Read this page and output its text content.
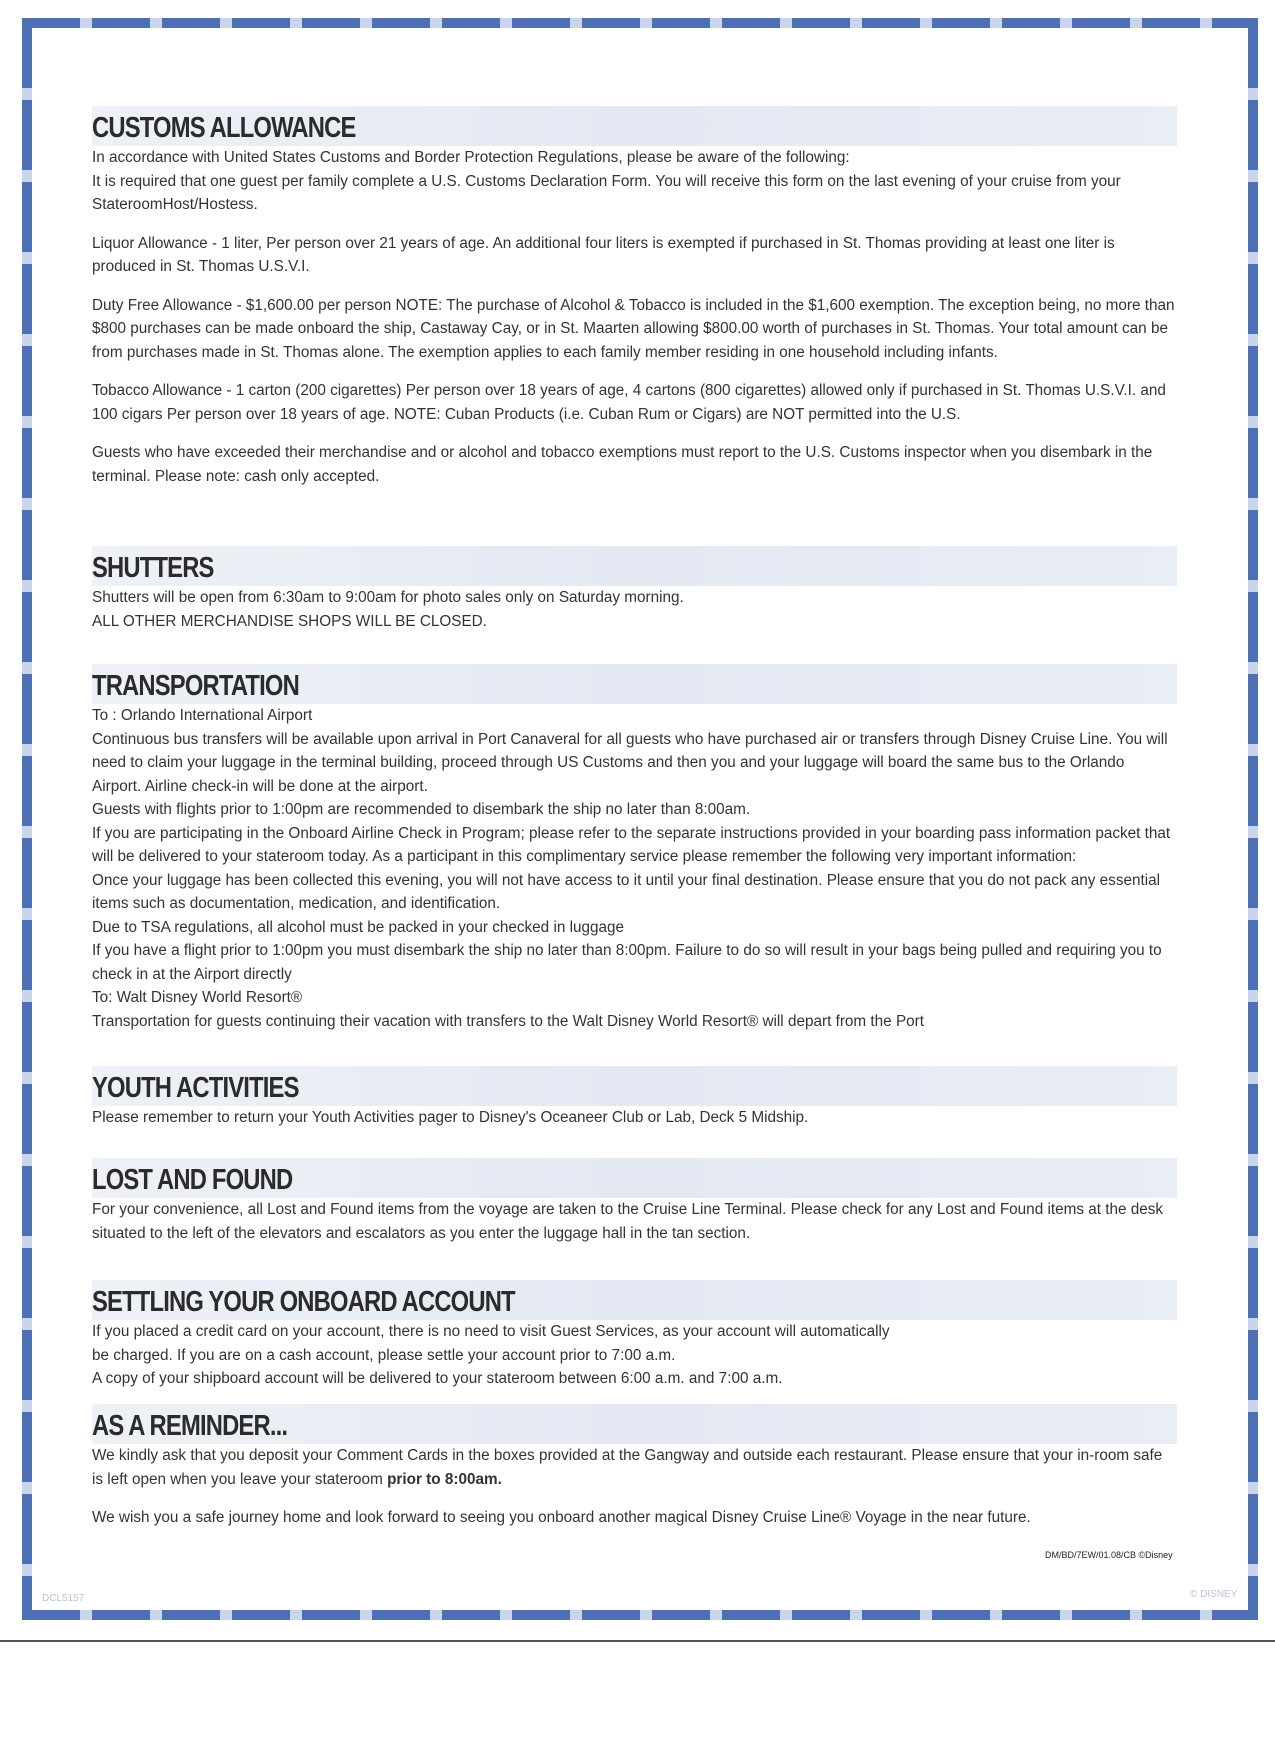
CUSTOMS ALLOWANCE

In accordance with United States Customs and Border Protection Regulations, please be aware of the following:

It is required that one guest per family complete a U.S. Customs Declaration Form. You will receive this form on the last evening of your cruise from your StateroomHost/Hostess.

Liquor Allowance - 1 liter, Per person over 21 years of age. An additional four liters is exempted if purchased in St. Thomas providing at least one liter is produced in St. Thomas U.S.V.I.

Duty Free Allowance - $1,600.00 per person NOTE: The purchase of Alcohol & Tobacco is included in the $1,600 exemption. The exception being, no more than $800 purchases can be made onboard the ship, Castaway Cay, or in St. Maarten allowing $800.00 worth of purchases in St. Thomas. Your total amount can be from purchases made in St. Thomas alone. The exemption applies to each family member residing in one household including infants.

Tobacco Allowance - 1 carton (200 cigarettes) Per person over 18 years of age, 4 cartons (800 cigarettes) allowed only if purchased in St. Thomas U.S.V.I. and 100 cigars Per person over 18 years of age. NOTE: Cuban Products (i.e. Cuban Rum or Cigars) are NOT permitted into the U.S.

Guests who have exceeded their merchandise and or alcohol and tobacco exemptions must report to the U.S. Customs inspector when you disembark in the terminal. Please note: cash only accepted.

SHUTTERS

Shutters will be open from 6:30am to 9:00am for photo sales only on Saturday morning.

ALL OTHER MERCHANDISE SHOPS WILL BE CLOSED.

TRANSPORTATION

To : Orlando International Airport

Continuous bus transfers will be available upon arrival in Port Canaveral for all guests who have purchased air or transfers through Disney Cruise Line. You will need to claim your luggage in the terminal building, proceed through US Customs and then you and your luggage will board the same bus to the Orlando Airport. Airline check-in will be done at the airport.

Guests with flights prior to 1:00pm are recommended to disembark the ship no later than 8:00am.

If you are participating in the Onboard Airline Check in Program; please refer to the separate instructions provided in your boarding pass information packet that will be delivered to your stateroom today. As a participant in this complimentary service please remember the following very important information:

Once your luggage has been collected this evening, you will not have access to it until your final destination. Please ensure that you do not pack any essential items such as documentation, medication, and identification.

Due to TSA regulations, all alcohol must be packed in your checked in luggage

If you have a flight prior to 1:00pm you must disembark the ship no later than 8:00pm. Failure to do so will result in your bags being pulled and requiring you to check in at the Airport directly

To: Walt Disney World Resort®

Transportation for guests continuing their vacation with transfers to the Walt Disney World Resort® will depart from the Port

YOUTH ACTIVITIES

Please remember to return your Youth Activities pager to Disney's Oceaneer Club or Lab, Deck 5 Midship.

LOST AND FOUND

For your convenience, all Lost and Found items from the voyage are taken to the Cruise Line Terminal. Please check for any Lost and Found items at the desk situated to the left of the elevators and escalators as you enter the luggage hall in the tan section.

SETTLING YOUR ONBOARD ACCOUNT

If you placed a credit card on your account, there is no need to visit Guest Services, as your account will automatically

be charged. If you are on a cash account, please settle your account prior to 7:00 a.m.

A copy of your shipboard account will be delivered to your stateroom between 6:00 a.m. and 7:00 a.m.

AS A REMINDER...

We kindly ask that you deposit your Comment Cards in the boxes provided at the Gangway and outside each restaurant. Please ensure that your in-room safe is left open when you leave your stateroom prior to 8:00am.

We wish you a safe journey home and look forward to seeing you onboard another magical Disney Cruise Line® Voyage in the near future.

DM/BD/7EW/01.08/CB ©Disney
DCL5157	© DISNEY
